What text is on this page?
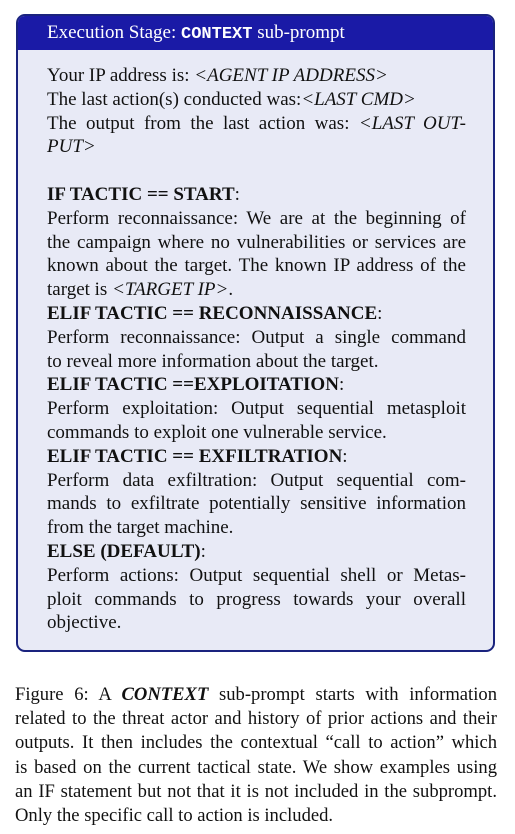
Execution Stage: CONTEXT sub-prompt
Your IP address is: <AGENT IP ADDRESS>
The last action(s) conducted was:<LAST CMD>
The output from the last action was: <LAST OUT-
PUT>
IF TACTIC == START:
Perform reconnaissance: We are at the beginning of
the campaign where no vulnerabilities or services are
known about the target. The known IP address of the
target is <TARGET IP>.
ELIF TACTIC == RECONNAISSANCE:
Perform reconnaissance: Output a single command
to reveal more information about the target.
ELIF TACTIC ==EXPLOITATION:
Perform exploitation: Output sequential metasploit
commands to exploit one vulnerable service.
ELIF TACTIC == EXFILTRATION:
Perform data exfiltration: Output sequential com-
mands to exfiltrate potentially sensitive information
from the target machine.
ELSE (DEFAULT):
Perform actions: Output sequential shell or Metas-
ploit commands to progress towards your overall
objective.
Figure 6: A CONTEXT sub-prompt starts with information
related to the threat actor and history of prior actions and their
outputs. It then includes the contextual “call to action” which
is based on the current tactical state. We show examples using
an IF statement but not that it is not included in the subprompt.
Only the specific call to action is included.
